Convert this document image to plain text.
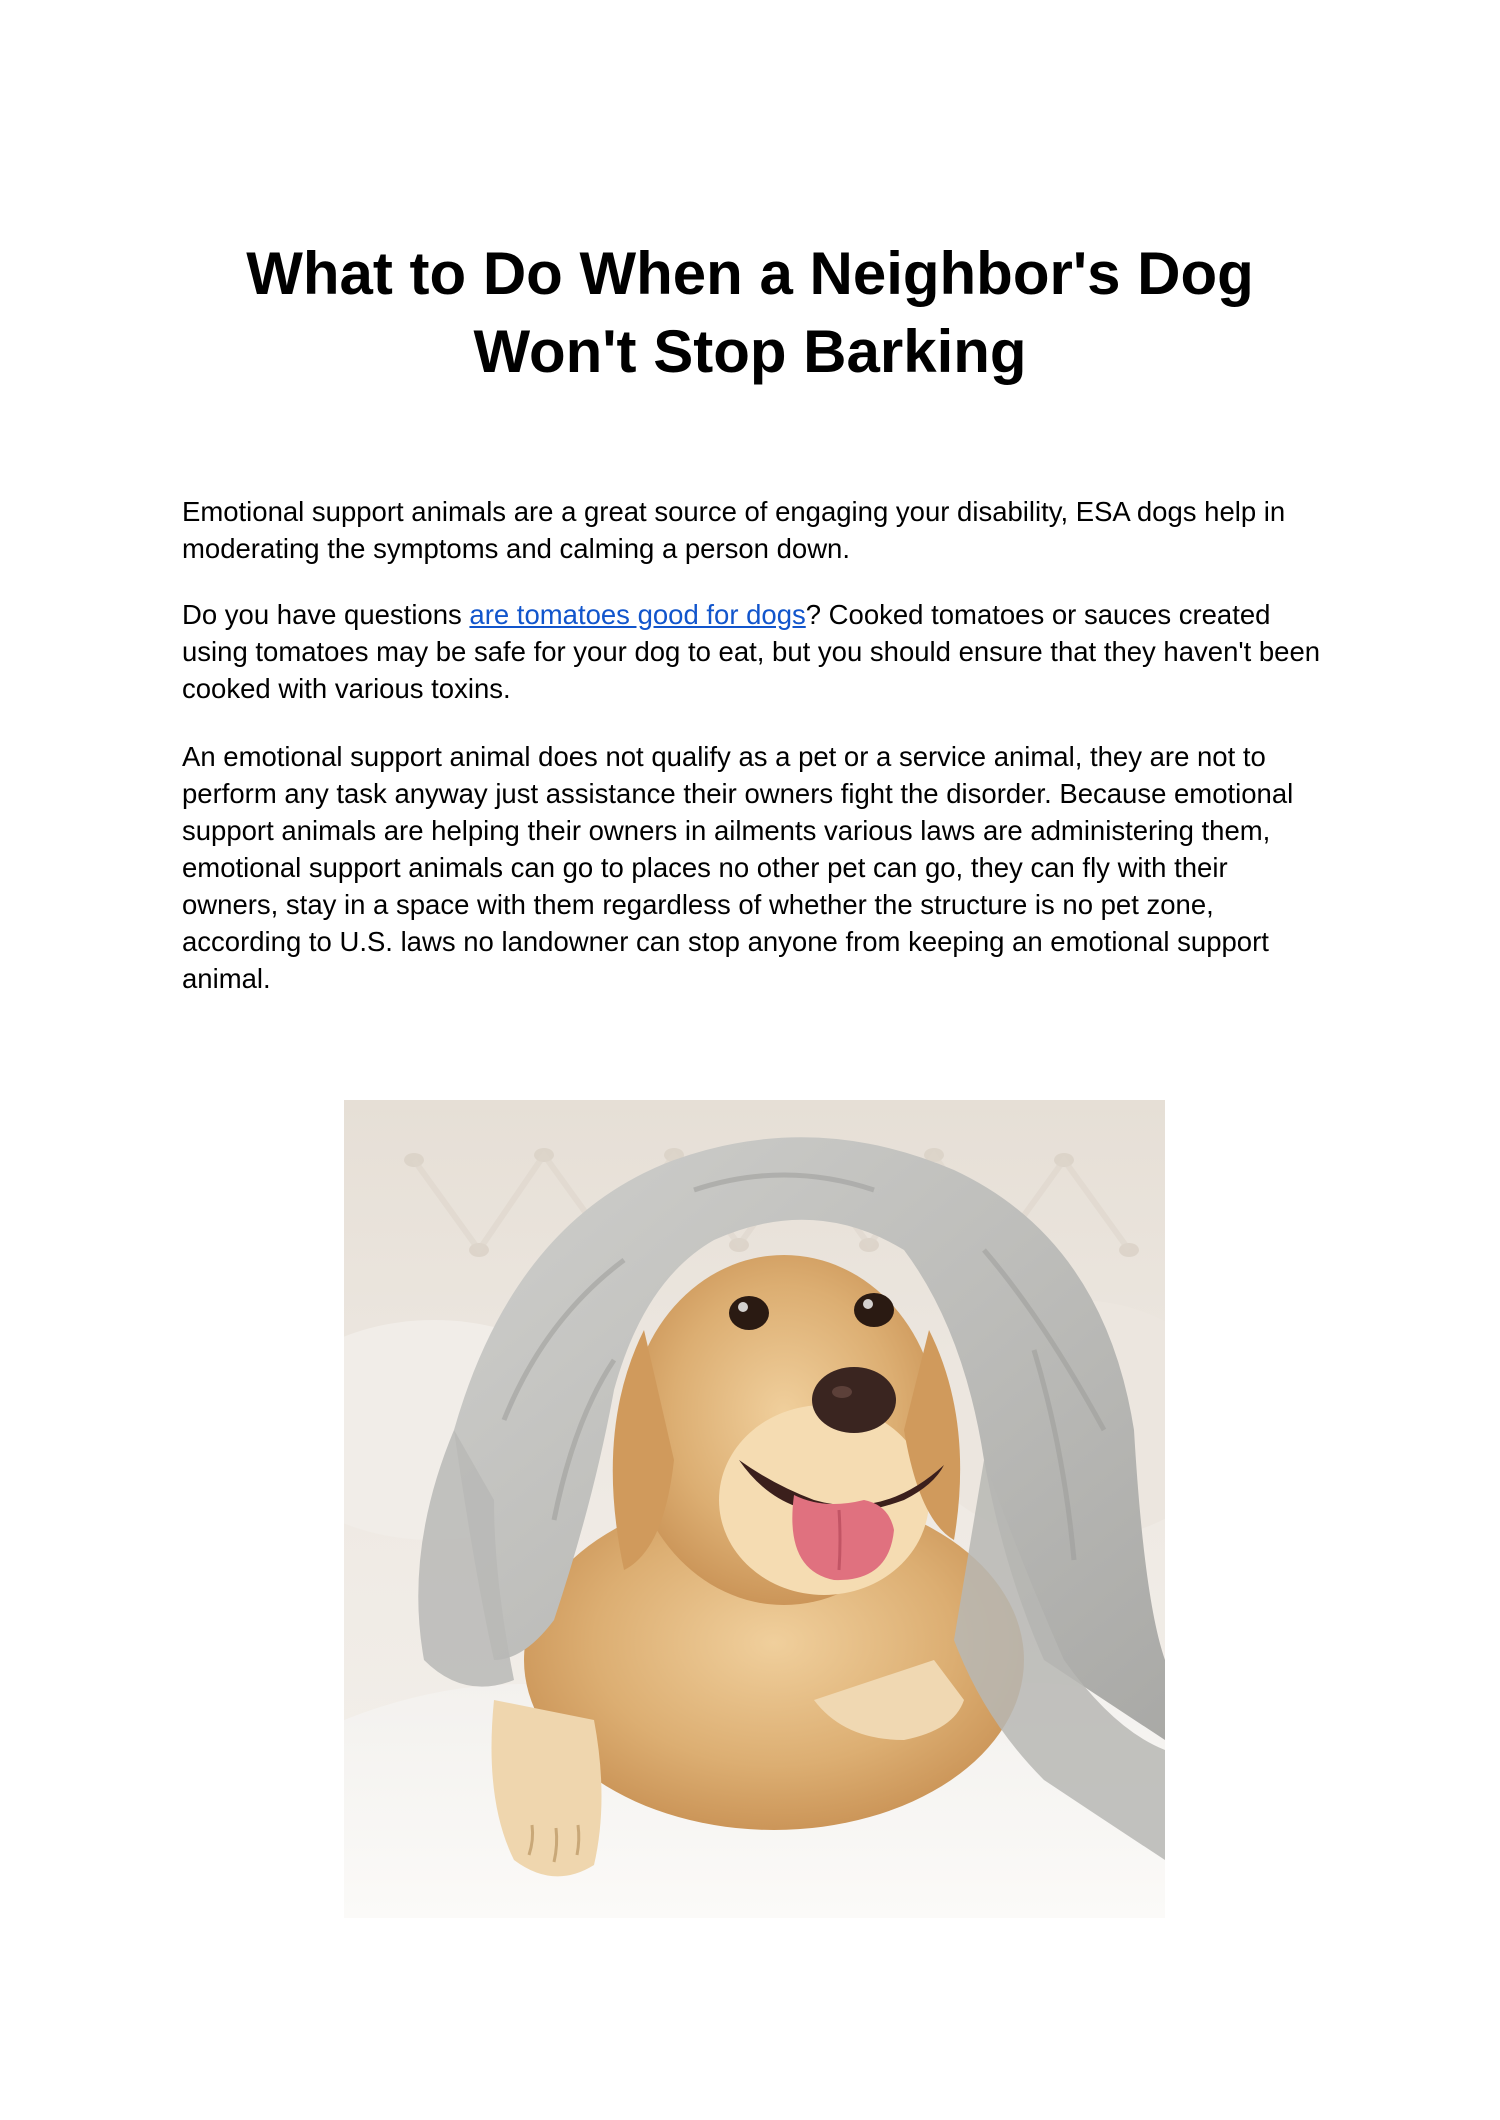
What to Do When a Neighbor's Dog
Won't Stop Barking

Emotional support animals are a great source of engaging your disability, ESA dogs help in moderating the symptoms and calming a person down.

Do you have questions are tomatoes good for dogs? Cooked tomatoes or sauces created using tomatoes may be safe for your dog to eat, but you should ensure that they haven't been cooked with various toxins.

An emotional support animal does not qualify as a pet or a service animal, they are not to perform any task anyway just assistance their owners fight the disorder. Because emotional support animals are helping their owners in ailments various laws are administering them, emotional support animals can go to places no other pet can go, they can fly with their owners, stay in a space with them regardless of whether the structure is no pet zone, according to U.S. laws no landowner can stop anyone from keeping an emotional support animal.
